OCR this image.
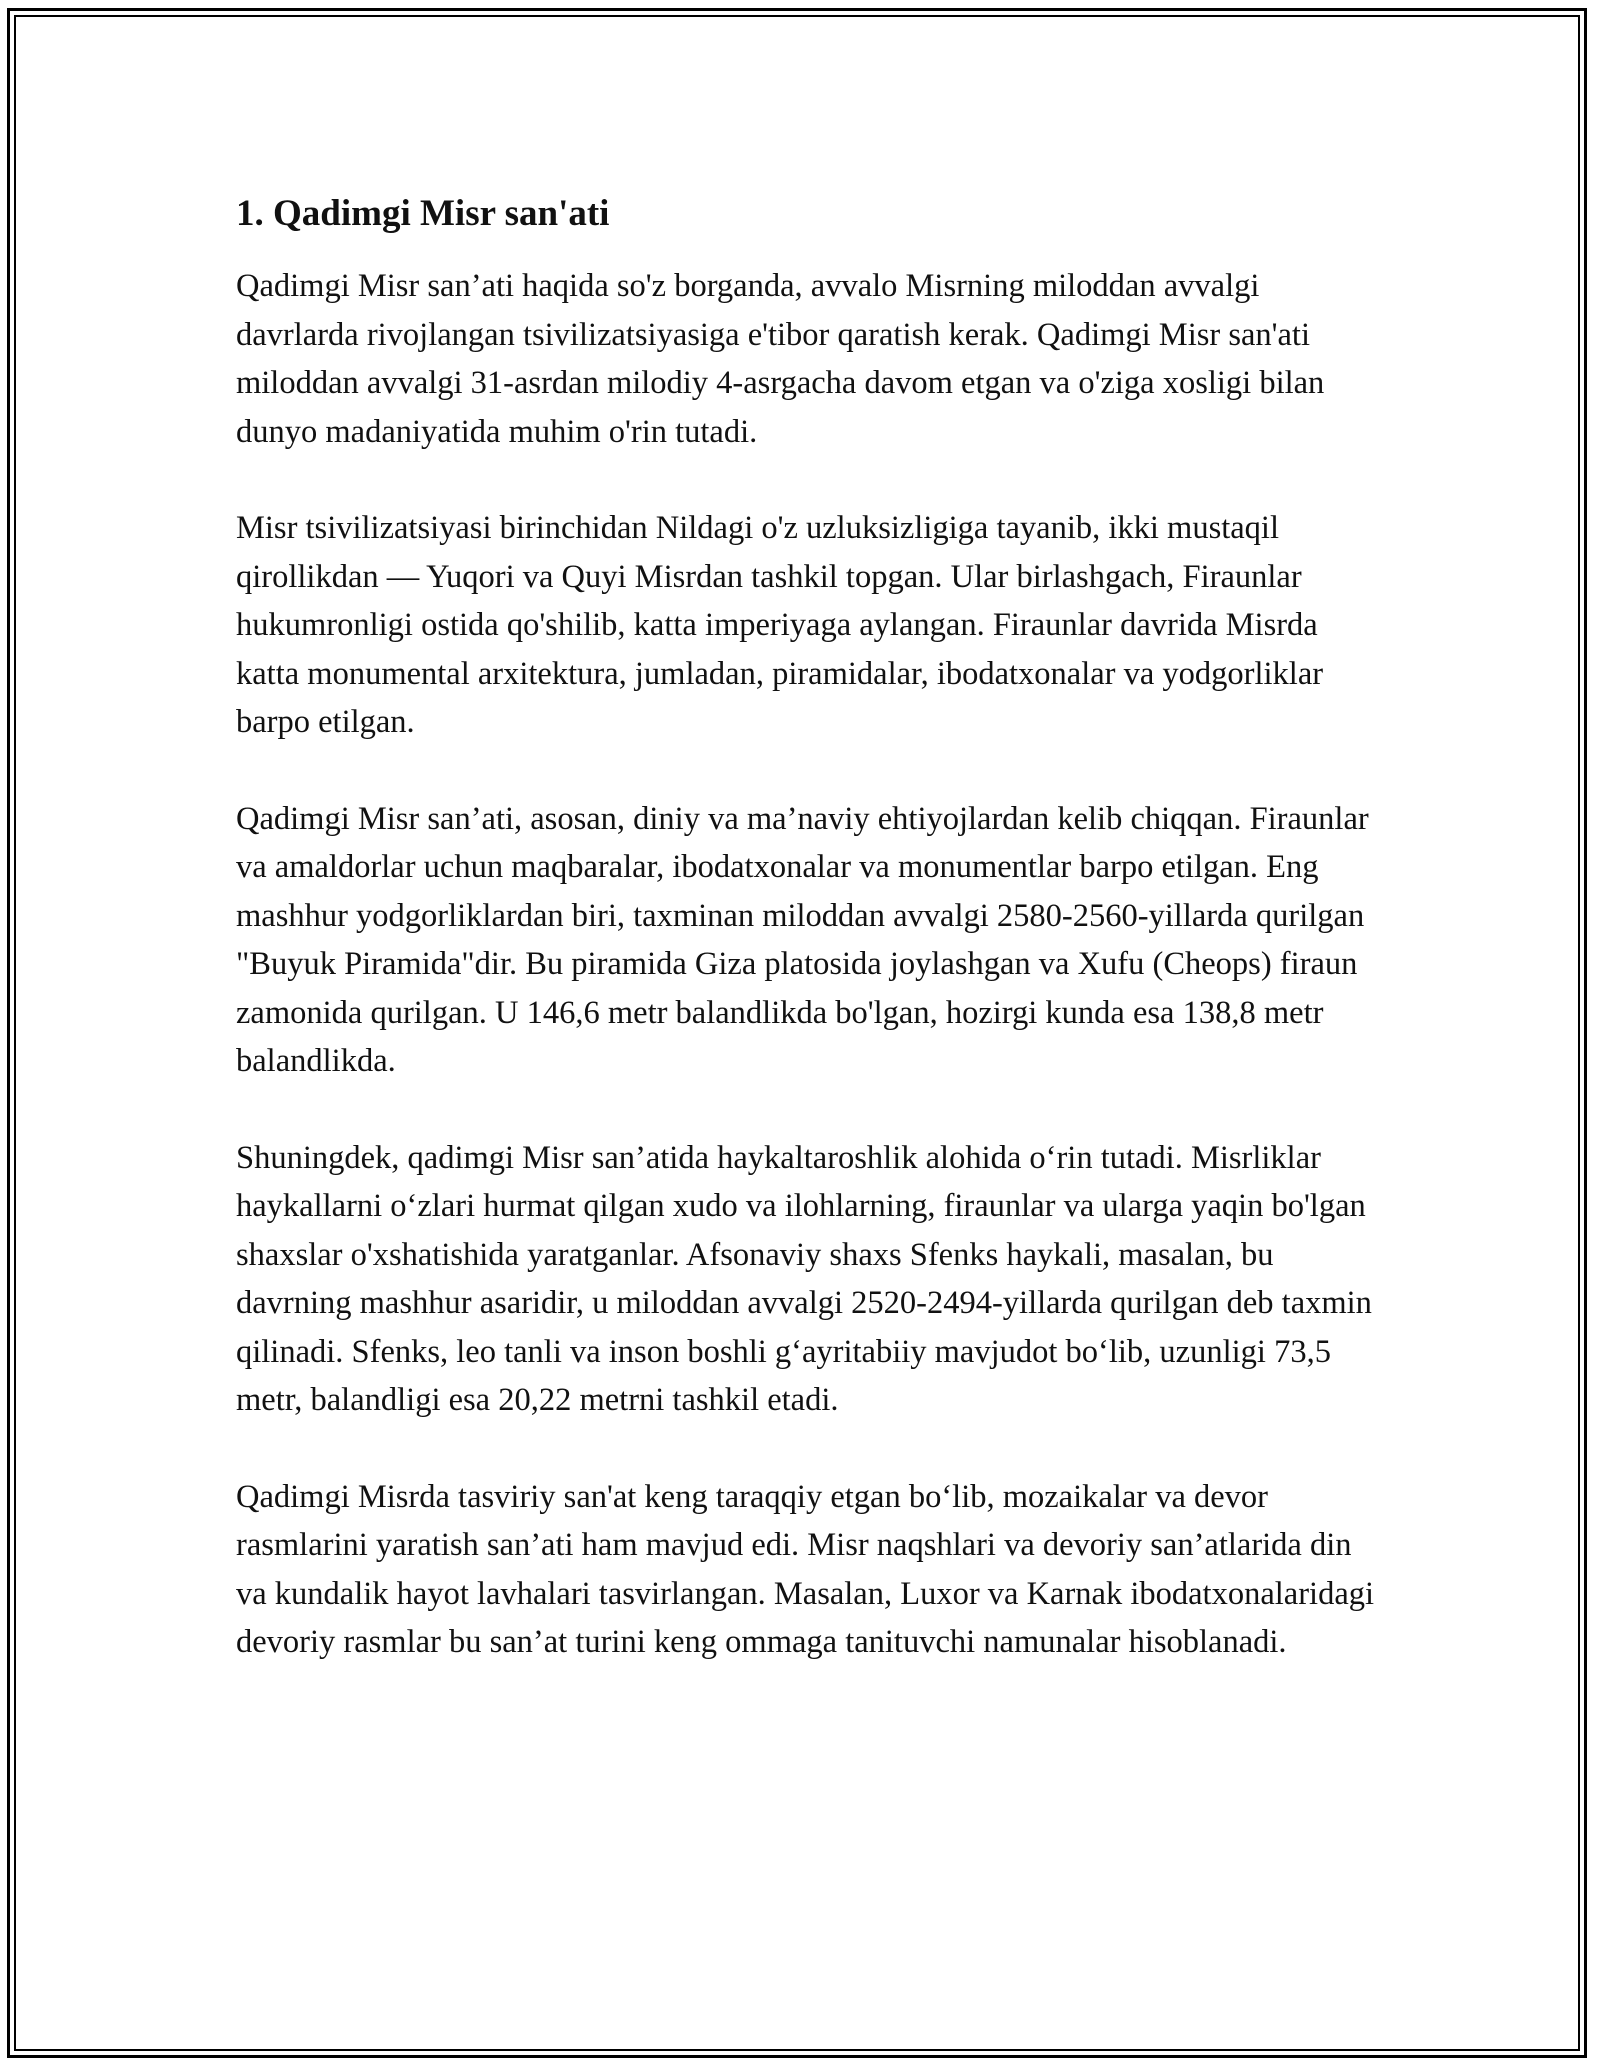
1. Qadimgi Misr san'ati

Qadimgi Misr san’ati haqida so'z borganda, avvalo Misrning miloddan avvalgi davrlarda rivojlangan tsivilizatsiyasiga e'tibor qaratish kerak. Qadimgi Misr san'ati miloddan avvalgi 31-asrdan milodiy 4-asrgacha davom etgan va o'ziga xosligi bilan dunyo madaniyatida muhim o'rin tutadi.

Misr tsivilizatsiyasi birinchidan Nildagi o'z uzluksizligiga tayanib, ikki mustaqil qirollikdan — Yuqori va Quyi Misrdan tashkil topgan. Ular birlashgach, Firaunlar hukumronligi ostida qo'shilib, katta imperiyaga aylangan. Firaunlar davrida Misrda katta monumental arxitektura, jumladan, piramidalar, ibodatxonalar va yodgorliklar barpo etilgan.

Qadimgi Misr san’ati, asosan, diniy va ma’naviy ehtiyojlardan kelib chiqqan. Firaunlar va amaldorlar uchun maqbaralar, ibodatxonalar va monumentlar barpo etilgan. Eng mashhur yodgorliklardan biri, taxminan miloddan avvalgi 2580-2560-yillarda qurilgan "Buyuk Piramida"dir. Bu piramida Giza platosida joylashgan va Xufu (Cheops) firaun zamonida qurilgan. U 146,6 metr balandlikda bo'lgan, hozirgi kunda esa 138,8 metr balandlikda.

Shuningdek, qadimgi Misr san’atida haykaltaroshlik alohida oʻrin tutadi. Misrliklar haykallarni oʻzlari hurmat qilgan xudo va ilohlarning, firaunlar va ularga yaqin bo'lgan shaxslar o'xshatishida yaratganlar. Afsonaviy shaxs Sfenks haykali, masalan, bu davrning mashhur asaridir, u miloddan avvalgi 2520-2494-yillarda qurilgan deb taxmin qilinadi. Sfenks, leo tanli va inson boshli gʻayritabiiy mavjudot boʻlib, uzunligi 73,5 metr, balandligi esa 20,22 metrni tashkil etadi.

Qadimgi Misrda tasviriy san'at keng taraqqiy etgan boʻlib, mozaikalar va devor rasmlarini yaratish san’ati ham mavjud edi. Misr naqshlari va devoriy san’atlarida din va kundalik hayot lavhalari tasvirlangan. Masalan, Luxor va Karnak ibodatxonalaridagi devoriy rasmlar bu san’at turini keng ommaga tanituvchi namunalar hisoblanadi.
